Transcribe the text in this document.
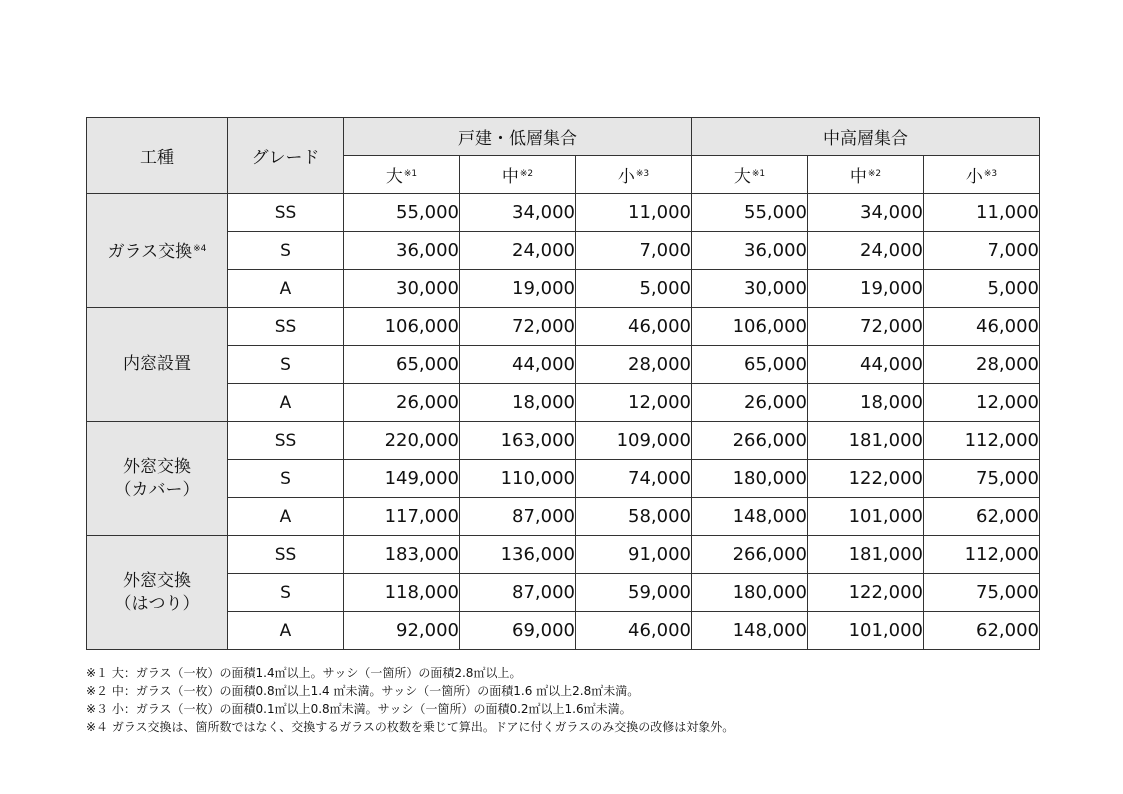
工種	グレード	戸建・低層集合			中高層集合		
		大$^{※1}$	中$^{※2}$	小$^{※3}$	大$^{※1}$	中$^{※2}$	小$^{※3}$

ガラス交換$^{※4}$	SS	55,000	34,000	11,000	55,000	34,000	11,000
	S	36,000	24,000	7,000	36,000	24,000	7,000
	A	30,000	19,000	5,000	30,000	19,000	5,000

内窓設置	SS	106,000	72,000	46,000	106,000	72,000	46,000
	S	65,000	44,000	28,000	65,000	44,000	28,000
	A	26,000	18,000	12,000	26,000	18,000	12,000

外窓交換
（カバー）	SS	220,000	163,000	109,000	266,000	181,000	112,000
	S	149,000	110,000	74,000	180,000	122,000	75,000
	A	117,000	87,000	58,000	148,000	101,000	62,000

外窓交換
（はつり）	SS	183,000	136,000	91,000	266,000	181,000	112,000
	S	118,000	87,000	59,000	180,000	122,000	75,000
	A	92,000	69,000	46,000	148,000	101,000	62,000
※１ 大：ガラス（一枚）の面積1.4㎡以上。サッシ（一箇所）の面積2.8㎡以上。
※２ 中：ガラス（一枚）の面積0.8㎡以上1.4 ㎡未満。サッシ（一箇所）の面積1.6 ㎡以上2.8㎡未満。
※３ 小：ガラス（一枚）の面積0.1㎡以上0.8㎡未満。サッシ（一箇所）の面積0.2㎡以上1.6㎡未満。
※４ ガラス交換は、箇所数ではなく、交換するガラスの枚数を乗じて算出。ドアに付くガラスのみ交換の改修は対象外。
